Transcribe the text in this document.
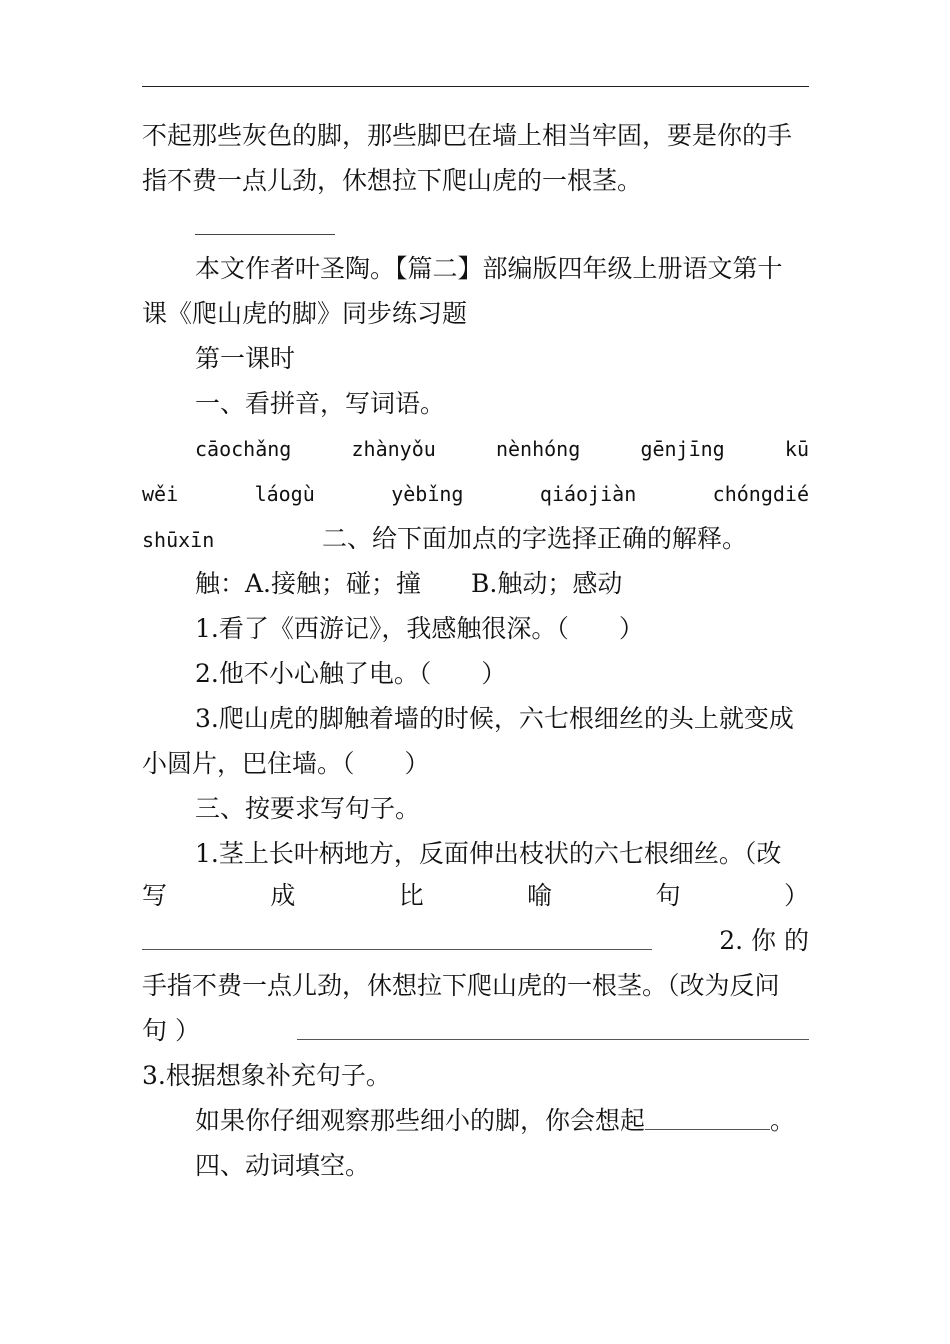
不起那些灰色的脚，那些脚巴在墙上相当牢固，要是你的手

指不费一点儿劲，休想拉下爬山虎的一根茎。

本文作者叶圣陶。【篇二】部编版四年级上册语文第十

课《爬山虎的脚》同步练习题

第一课时

一、看拼音，写词语。

cāochǎng	zhànyǒu	nènhóng	gēnjīng	kū
wěi	láogù	yèbǐng	qiáojiàn	chóngdié
shūxīn	二、给下面加点的字选择正确的解释。

触：A.接触；碰；撞　　B.触动；感动

1.看了《西游记》，我感触很深。（　　）

2.他不小心触了电。（　　）

3.爬山虎的脚触着墙的时候，六七根细丝的头上就变成

小圆片，巴住墙。（　　）

三、按要求写句子。

1.茎上长叶柄地方，反面伸出枝状的六七根细丝。（改

写	成	比	喻	句	）
2. 你 的

手指不费一点儿劲，休想拉下爬山虎的一根茎。（改为反问

句 ）

3.根据想象补充句子。

如果你仔细观察那些细小的脚，你会想起	。

四、动词填空。
